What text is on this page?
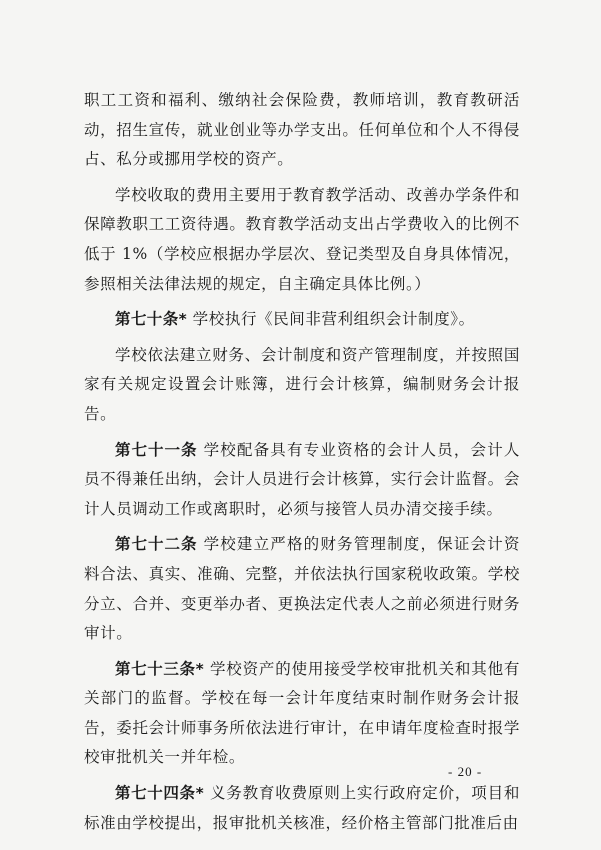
职工工资和福利、缴纳社会保险费，教师培训，教育教研活动，招生宣传，就业创业等办学支出。任何单位和个人不得侵占、私分或挪用学校的资产。

学校收取的费用主要用于教育教学活动、改善办学条件和保障教职工工资待遇。教育教学活动支出占学费收入的比例不低于 1%（学校应根据办学层次、登记类型及自身具体情况，参照相关法律法规的规定，自主确定具体比例。）

第七十条* 学校执行《民间非营利组织会计制度》。

学校依法建立财务、会计制度和资产管理制度，并按照国家有关规定设置会计账簿，进行会计核算，编制财务会计报告。

第七十一条 学校配备具有专业资格的会计人员，会计人员不得兼任出纳，会计人员进行会计核算，实行会计监督。会计人员调动工作或离职时，必须与接管人员办清交接手续。

第七十二条 学校建立严格的财务管理制度，保证会计资料合法、真实、准确、完整，并依法执行国家税收政策。学校分立、合并、变更举办者、更换法定代表人之前必须进行财务审计。

第七十三条* 学校资产的使用接受学校审批机关和其他有关部门的监督。学校在每一会计年度结束时制作财务会计报告，委托会计师事务所依法进行审计，在申请年度检查时报学校审批机关一并年检。

第七十四条* 义务教育收费原则上实行政府定价，项目和标准由学校提出，报审批机关核准，经价格主管部门批准后由

- 20 -
